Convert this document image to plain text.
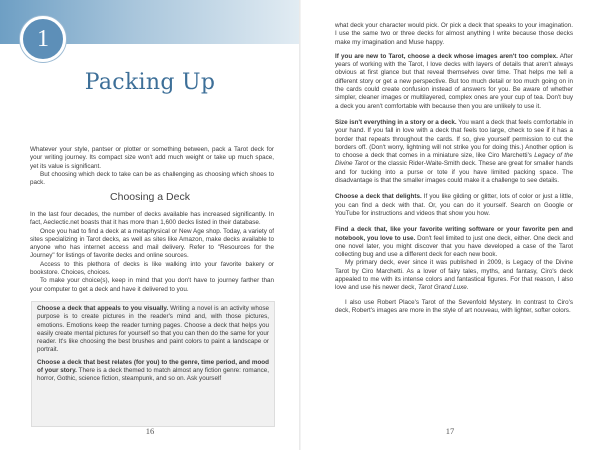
1
Packing Up

Whatever your style, pantser or plotter or something between, pack a Tarot deck for your writing journey. Its compact size won't add much weight or take up much space, yet its value is significant.

But choosing which deck to take can be as challenging as choosing which shoes to pack.

Choosing a Deck

In the last four decades, the number of decks available has increased significantly. In fact, Aeclectic.net boasts that it has more than 1,600 decks listed in their database.

Once you had to find a deck at a metaphysical or New Age shop. Today, a variety of sites specializing in Tarot decks, as well as sites like Amazon, make decks available to anyone who has internet access and mail delivery. Refer to "Resources for the Journey" for listings of favorite decks and online sources.

Access to this plethora of decks is like walking into your favorite bakery or bookstore. Choices, choices.

To make your choice(s), keep in mind that you don't have to journey farther than your computer to get a deck and have it delivered to you.

Choose a deck that appeals to you visually. Writing a novel is an activity whose purpose is to create pictures in the reader's mind and, with those pictures, emotions. Emotions keep the reader turning pages. Choose a deck that helps you easily create mental pictures for yourself so that you can then do the same for your reader. It's like choosing the best brushes and paint colors to paint a landscape or portrait.

Choose a deck that best relates (for you) to the genre, time period, and mood of your story. There is a deck themed to match almost any fiction genre: romance, horror, Gothic, science fiction, steampunk, and so on. Ask yourself

16

what deck your character would pick. Or pick a deck that speaks to your imagination. I use the same two or three decks for almost anything I write because those decks make my imagination and Muse happy.

If you are new to Tarot, choose a deck whose images aren't too complex. After years of working with the Tarot, I love decks with layers of details that aren't always obvious at first glance but that reveal themselves over time. That helps me tell a different story or get a new perspective. But too much detail or too much going on in the cards could create confusion instead of answers for you. Be aware of whether simpler, cleaner images or multilayered, complex ones are your cup of tea. Don't buy a deck you aren't comfortable with because then you are unlikely to use it.

Size isn't everything in a story or a deck. You want a deck that feels comfortable in your hand. If you fall in love with a deck that feels too large, check to see if it has a border that repeats throughout the cards. If so, give yourself permission to cut the borders off. (Don't worry, lightning will not strike you for doing this.) Another option is to choose a deck that comes in a miniature size, like Ciro Marchetti's Legacy of the Divine Tarot or the classic Rider-Waite-Smith deck. These are great for smaller hands and for tucking into a purse or tote if you have limited packing space. The disadvantage is that the smaller images could make it a challenge to see details.

Choose a deck that delights. If you like gilding or glitter, lots of color or just a little, you can find a deck with that. Or, you can do it yourself. Search on Google or YouTube for instructions and videos that show you how.

Find a deck that, like your favorite writing software or your favorite pen and notebook, you love to use. Don't feel limited to just one deck, either. One deck and one novel later, you might discover that you have developed a case of the Tarot collecting bug and use a different deck for each new book.

My primary deck, ever since it was published in 2009, is Legacy of the Divine Tarot by Ciro Marchetti. As a lover of fairy tales, myths, and fantasy, Ciro's deck appealed to me with its intense colors and fantastical figures. For that reason, I also love and use his newer deck, Tarot Grand Luxe.

I also use Robert Place's Tarot of the Sevenfold Mystery. In contrast to Ciro's deck, Robert's images are more in the style of art nouveau, with lighter, softer colors.

17
